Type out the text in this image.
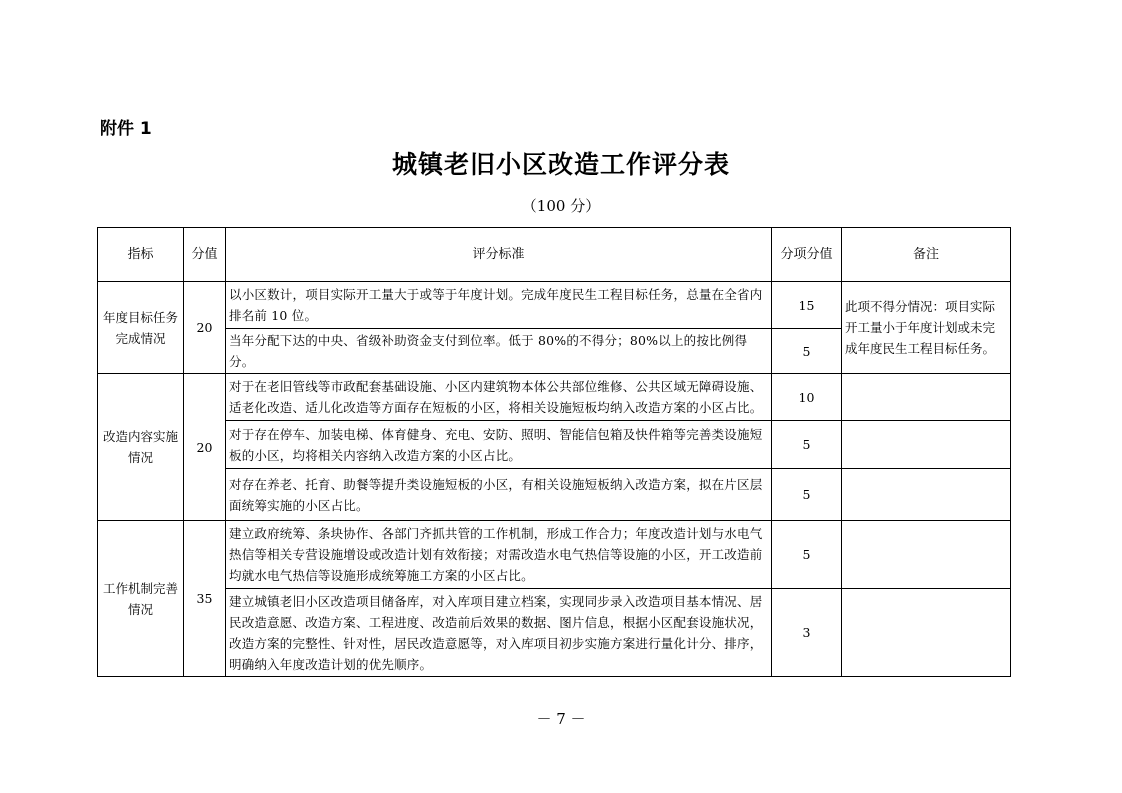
附件 1
城镇老旧小区改造工作评分表
（100 分）
指标	分值	评分标准	分项分值	备注
年度目标任务完成情况	20	以小区数计，项目实际开工量大于或等于年度计划。完成年度民生工程目标任务，总量在全省内排名前 10 位。	15	此项不得分情况：项目实际开工量小于年度计划或未完成年度民生工程目标任务。
		当年分配下达的中央、省级补助资金支付到位率。低于 80%的不得分；80%以上的按比例得分。	5	
改造内容实施情况	20	对于在老旧管线等市政配套基础设施、小区内建筑物本体公共部位维修、公共区域无障碍设施、适老化改造、适儿化改造等方面存在短板的小区，将相关设施短板均纳入改造方案的小区占比。	10	
		对于存在停车、加装电梯、体育健身、充电、安防、照明、智能信包箱及快件箱等完善类设施短板的小区，均将相关内容纳入改造方案的小区占比。	5	
		对存在养老、托育、助餐等提升类设施短板的小区，有相关设施短板纳入改造方案，拟在片区层面统筹实施的小区占比。	5	
工作机制完善情况	35	建立政府统筹、条块协作、各部门齐抓共管的工作机制，形成工作合力；年度改造计划与水电气热信等相关专营设施增设或改造计划有效衔接；对需改造水电气热信等设施的小区，开工改造前均就水电气热信等设施形成统筹施工方案的小区占比。	5	
		建立城镇老旧小区改造项目储备库，对入库项目建立档案，实现同步录入改造项目基本情况、居民改造意愿、改造方案、工程进度、改造前后效果的数据、图片信息，根据小区配套设施状况，改造方案的完整性、针对性，居民改造意愿等，对入库项目初步实施方案进行量化计分、排序，明确纳入年度改造计划的优先顺序。	3	
－ 7 －
